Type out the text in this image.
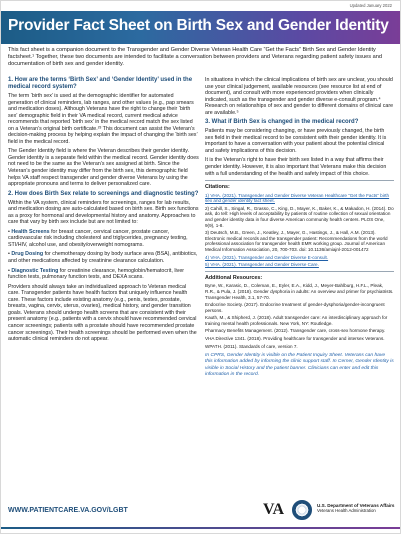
Updated January 2022
Provider Fact Sheet on Birth Sex and Gender Identity
This fact sheet is a companion document to the Transgender and Gender Diverse Veteran Health Care “Get the Facts” Birth Sex and Gender Identity factsheet.¹ Together, these two documents are intended to facilitate a conversation between providers and Veterans regarding patient safety issues and documentation of birth sex and gender identity.
1. How are the terms ‘Birth Sex’ and ‘Gender Identity’ used in the medical record system?
The term ‘birth sex’ is used at the demographic identifier for automated generation of clinical reminders, lab ranges, and other values (e.g., pap smears and medication doses). Although Veterans have the right to change their ‘birth sex’ demographic field in their VA medical record, current medical advice recommends that reported ‘birth sex’ in the medical record match the sex listed on a Veteran’s original birth certificate.²³ This document can assist the Veteran’s decision-making process by helping explain the impact of changing the ‘birth sex’ field in the medical record.
The Gender Identity field is where the Veteran describes their gender identity. Gender identity is a separate field within the medical record. Gender identity does not need to be the same as the Veteran’s sex assigned at birth. Since the Veteran’s gender identity may differ from the birth sex, this demographic field helps VA staff respect transgender and gender diverse Veterans by using the appropriate pronouns and terms to deliver personalized care.
2. How does Birth Sex relate to screenings and diagnostic testing?
Within the VA system, clinical reminders for screenings, ranges for lab results, and medication dosing are auto-calculated based on birth sex. Birth sex functions as a proxy for hormonal and developmental history and anatomy. Approaches to care that vary by birth sex include but are not limited to:
• Health Screens for breast cancer, cervical cancer, prostate cancer, cardiovascular risk including cholesterol and triglycerides, pregnancy testing, STI/HIV, alcohol use, and obesity/overweight nomograms.
• Drug Dosing for chemotherapy dosing by body surface area (BSA), antibiotics, and other medications affected by creatinine clearance calculation.
• Diagnostic Testing for creatinine clearance, hemoglobin/hematocrit, liver function tests, pulmonary function tests, and DEXA scans.
Providers should always take an individualized approach to Veteran medical care. Transgender patients have health factors that uniquely influence health care. These factors include existing anatomy (e.g., penis, testes, prostate, breasts, vagina, cervix, uterus, ovaries), medical history, and gender transition goals. Veterans should undergo health screens that are consistent with their present anatomy (e.g., patients with a cervix should have recommended cervical cancer screenings; patients with a prostate should have recommended prostate cancer screenings). Their health screenings should be performed even when the automatic clinical reminders do not appear.
In situations in which the clinical implications of birth sex are unclear, you should use your clinical judgement, available resources (see resource list at end of document), and consult with more experienced providers when clinically indicated, such as the transgender and gender diverse e-consult program.⁴ Research on relationships of sex and gender to different domains of clinical care are available.⁵
3. What if Birth Sex is changed in the medical record?
Patients may be considering changing, or have previously changed, the birth sex field in their medical record to be consistent with their gender identity. It is important to have a conversation with your patient about the potential clinical and safety implications of this decision.
It is the Veteran’s right to have their birth sex listed in a way that affirms their gender identity. However, it is also important that Veterans make this decision with a full understanding of the health and safety impact of this choice.
Citations:
1) VHA. (2021). Transgender and Gender Diverse Veteran Healthcare “Get the Facts” birth sex and gender identity fact sheet.
2) Cahill, S., Singal, R., Grasso, C., King, D., Mayer, K., Baker, K., & Makadon, H. (2014). Do ask, do tell: High levels of acceptability by patients of routine collection of sexual orientation and gender identity data in four diverse American community health centers. PLOS One, 9(9), 1-8.
3) Deutsch, M.B., Green, J., Keatley, J., Mayer, G., Hastings, J., & Hall, A.M. (2013). Electronic medical records and the transgender patient: Recommendations from the world professional association for transgender health EMR working group. Journal of American Medical Information Association, 20, 700-703. doi: 10.1136/amiajnl-2012-001472
4) VHA. (2021). Transgender and Gender Diverse E-consult.
5) VHA. (2021). Transgender and Gender Diverse Care.
Additional Resources:
Byne, W., Karasic, D., Coleman, E., Eyler, E.A., Kidd, J., Meyer-Bahlburg, H.F.L., Pleak, R.R., & Pula, J. (2018). Gender dysphoria in adults: An overview and primer for psychiatrists. Transgender Health, 3.1, 57-70.
Endocrine Society. (2017). Endocrine treatment of gender-dysphoria/gender-incongruent persons.
Kauth, M., & Shipherd, J. (2018). Adult transgender care: An interdisciplinary approach for training mental health professionals. New York, NY: Routledge.
Pharmacy Benefits Management. (2012). Transgender care, cross-sex hormone therapy.
VHA Directive 1341. (2018). Providing healthcare for transgender and intersex Veterans.
WPATH. (2011). Standards of care, version 7.
In CPRS, Gender Identity is visible on the Patient Inquiry Sheet. Veterans can have this information added by informing the clinic support staff. In Cerner, Gender Identity is visible in Social History and the patient banner. Clinicians can enter and edit this information in the record.
WWW.PATIENTCARE.VA.GOV/LGBT	VA	U.S. Department of Veterans Affairs
Veterans Health Administration
